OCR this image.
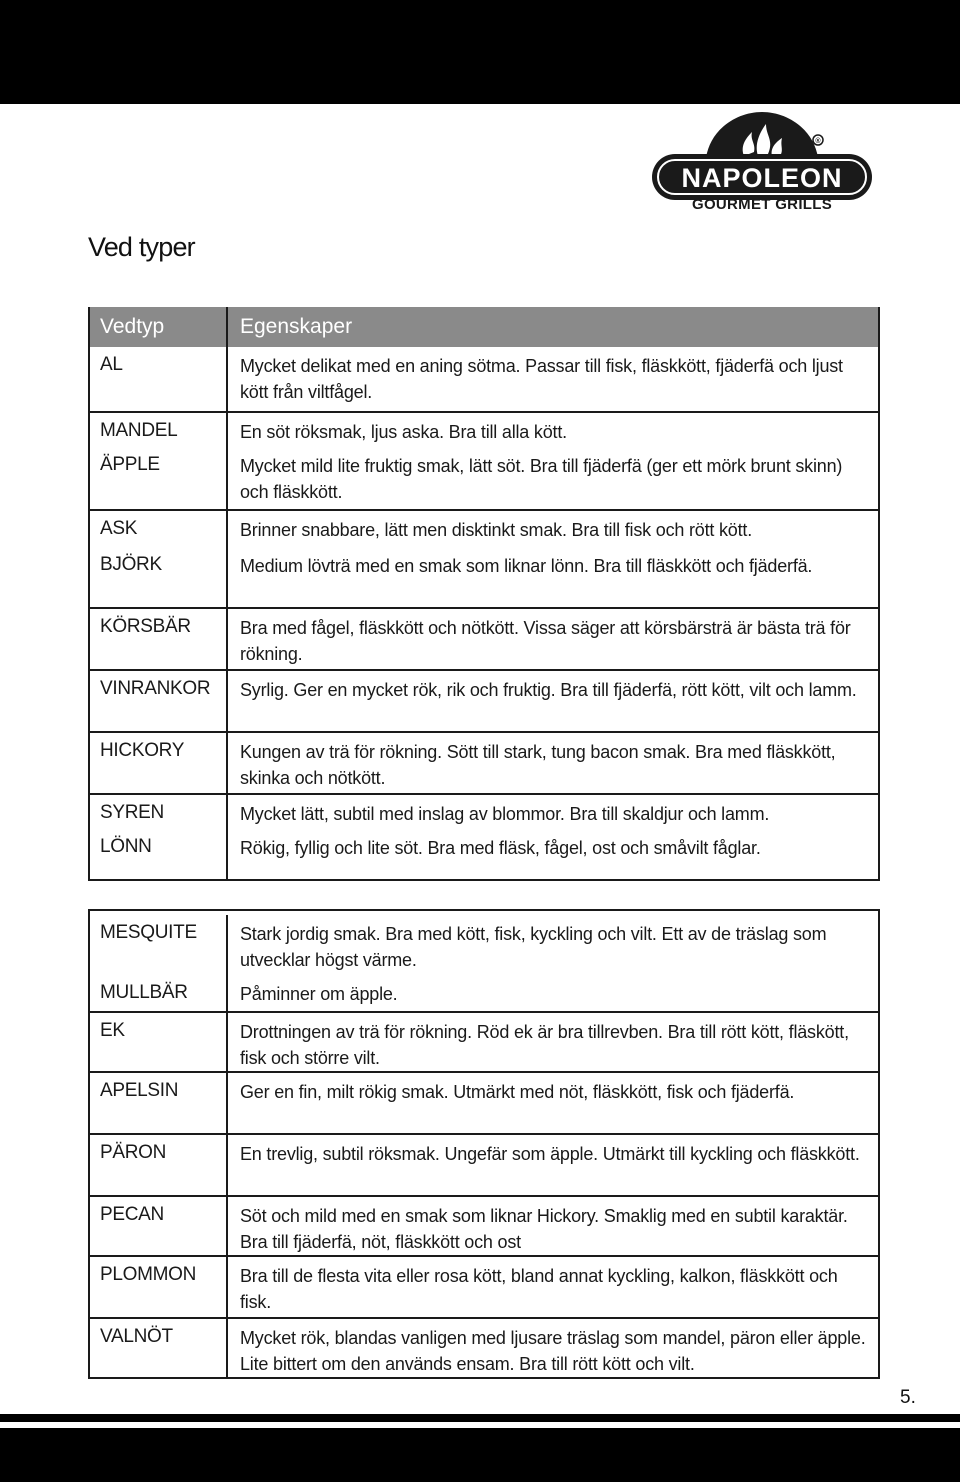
®
NAPOLEON
GOURMET GRILLS
Ved typer
Vedtyp	Egenskaper
AL	Mycket delikat med en aning sötma. Passar till fisk, fläskkött, fjäderfä och ljust kött från viltfågel.
MANDEL	En söt röksmak, ljus aska. Bra till alla kött.
ÄPPLE	Mycket mild lite fruktig smak, lätt söt. Bra till fjäderfä (ger ett mörk brunt skinn) och fläskkött.
ASK	Brinner snabbare, lätt men disktinkt smak. Bra till fisk och rött kött.
BJÖRK	Medium lövträ med en smak som liknar lönn. Bra till fläskkött och fjäderfä.
KÖRSBÄR	Bra med fågel, fläskkött och nötkött. Vissa säger att körsbärsträ är bästa trä för rökning.
VINRANKOR	Syrlig. Ger en mycket rök, rik och fruktig. Bra till fjäderfä, rött kött, vilt och lamm.
HICKORY	Kungen av trä för rökning. Sött till stark, tung bacon smak. Bra med fläskkött, skinka och nötkött.
SYREN	Mycket lätt, subtil med inslag av blommor. Bra till skaldjur och lamm.
LÖNN	Rökig, fyllig och lite söt. Bra med fläsk, fågel, ost och småvilt fåglar.
MESQUITE	Stark jordig smak. Bra med kött, fisk, kyckling och vilt. Ett av de träslag som utvecklar högst värme.
MULLBÄR	Påminner om äpple.
EK	Drottningen av trä för rökning. Röd ek är bra tillrevben. Bra till rött kött, fläskött, fisk och större vilt.
APELSIN	Ger en fin, milt rökig smak. Utmärkt med nöt, fläskkött, fisk och fjäderfä.
PÄRON	En trevlig, subtil röksmak. Ungefär som äpple. Utmärkt till kyckling och fläskkött.
PECAN	Söt och mild med en smak som liknar Hickory. Smaklig med en subtil karaktär. Bra till fjäderfä, nöt, fläskkött och ost
PLOMMON	Bra till de flesta vita eller rosa kött, bland annat kyckling, kalkon, fläskkött och fisk.
VALNÖT	Mycket rök, blandas vanligen med ljusare träslag som mandel, päron eller äpple. Lite bittert om den används ensam. Bra till rött kött och vilt.
5.
